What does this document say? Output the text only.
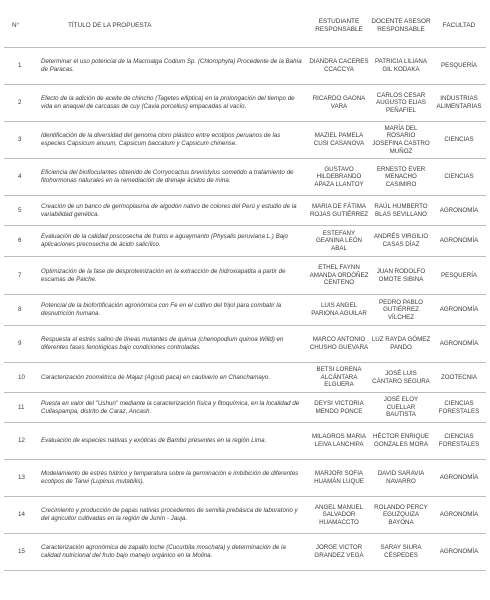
N°	TÍTULO DE LA PROPUESTA	ESTUDIANTE RESPONSABLE	DOCENTE ASESOR RESPONSABLE	FACULTAD
1	Determinar el uso potencial de la Macroalga Codium Sp. (Chlorophyta) Procedente de la Bahía de Paracas.	DIANDRA CACERES CCACCYA	PATRICIA LILIANA GIL KODAKA	PESQUERÍA
2	Efecto de la adición de aceite de chincho (Tagetes elliptica) en la prolongación del tiempo de vida en anaquel de carcasas de cuy (Cavia porcellus) empacadas al vacío.	RICARDO GAONA VARA	CARLOS CESAR AUGUSTO ELIAS PEÑAFIEL	INDUSTRIAS ALIMENTARIAS
3	Identificación de la diversidad del genoma cloro plástico entre ecotipos peruanos de las especies Capsicum anuum, Capsicum baccatum y Capsicum chinense.	MAZIEL PAMELA CUSI CASANOVA	MARÍA DEL ROSARIO JOSEFINA CASTRO MUÑOZ	CIENCIAS
4	Eficiencia del biofloculantes obtenido de Corryocactus brevistylus sometido a tratamiento de fitohormonas naturales en la remediación de drenaje ácidos de mina.	GUSTAVO HILDEBRANDO APAZA LLANTOY	ERNESTO EVER MENACHO CASIMIRO	CIENCIAS
5	Creación de un banco de germoplasma de algodón nativo de colores del Perú y estudio de la variabilidad genética.	MARIA DE FÁTIMA ROJAS GUTIÉRREZ	RAÚL HUMBERTO BLAS SEVILLANO	AGRONOMÍA
6	Evaluación de la calidad poscosecha de frutos e aguaymanto (Physalis peruviana L.) Bajo aplicaciones precosecha de ácido salicílico.	ESTEFANY GEANINA LEÓN ABAL	ANDRÉS VIRGILIO CASAS DÍAZ	AGRONOMÍA
7	Optimización de la fase de desproteinización en la extracción de hidroxiapatita a partir de escamas de Paiche.	ETHEL FAYNN AMANDA ORDÓÑEZ CENTENO	JUAN RODOLFO OMOTE SIBINA	PESQUERÍA
8	Potencial de la biofortificación agronómica con Fe en el cultivo del frijol para combatir la desnutrición humana.	LUIS ANGEL PARIONA AGUILAR	PEDRO PABLO GUTIÉRREZ VÍLCHEZ	AGRONOMÍA
9	Respuesta al estrés salino de líneas mutantes de quinua (chenopodium quinoa Willd) en diferentes fases fenológicas bajo condiciones controladas.	MARCO ANTONIO CHUSHO GUEVARA	LUZ RAYDA GÓMEZ PANDO	AGRONOMÍA
10	Caracterización zoométrica de Majaz (Agouti paca) en cautiverio en Chanchamayo.	BETSI LORENA ALCÁNTARA ELGUERA	JOSÉ LUIS CÁNTARO SEGURA	ZOOTECNIA
11	Puesta en valor del "Ushun" mediante la caracterización física y fitoquímica, en la localidad de Cullaspampa, distrito de Caraz, Ancash.	DEYSI VICTORIA MENDO PONCE	JOSÉ ELOY CUELLAR BAUTISTA	CIENCIAS FORESTALES
12	Evaluación de especies nativas y exóticas de Bambú presentes en la región Lima.	MILAGROS MARIA LEIVA LANCHIPA	HÉCTOR ENRIQUE GONZALES MORA	CIENCIAS FORESTALES
13	Modelamiento de estrés hídrico y temperatura sobre la germinación e imbibición de diferentes ecotipos de Tarwi (Lupinus mutabilis).	MARJORI SOFIA HUAMÁN LUQUE	DAVID SARAVIA NAVARRO	AGRONOMÍA
14	Crecimiento y producción de papas nativas procedentes de semilla prebásica de laboratorio y del agricultor cultivadas en la región de Junín - Jauja.	ANGEL MANUEL SALVADOR HUAMACCTO	ROLANDO PERCY EGUZQUIZA BAYONA	AGRONOMÍA
15	Caracterización agronómica de zapallo loche (Cucurbita moschata) y determinación de la calidad nutricional del fruto bajo manejo orgánico en la Molina.	JORGE VICTOR GRANDEZ VEGA	SARAY SIURA CÉSPEDES	AGRONOMÍA
